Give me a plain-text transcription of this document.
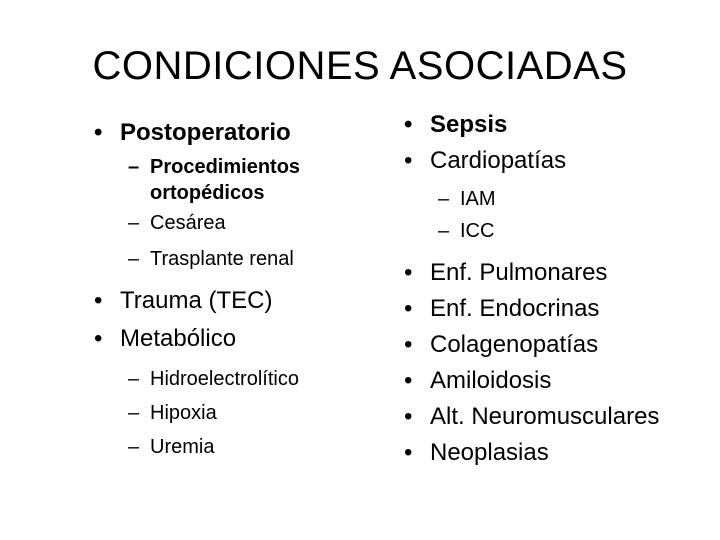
CONDICIONES ASOCIADAS
• Postoperatorio
– Procedimientos ortopédicos
– Cesárea
– Trasplante renal
• Trauma (TEC)
• Metabólico
– Hidroelectrolítico
– Hipoxia
– Uremia
• Sepsis
• Cardiopatías
– IAM
– ICC
• Enf. Pulmonares
• Enf. Endocrinas
• Colagenopatías
• Amiloidosis
• Alt. Neuromusculares
• Neoplasias
